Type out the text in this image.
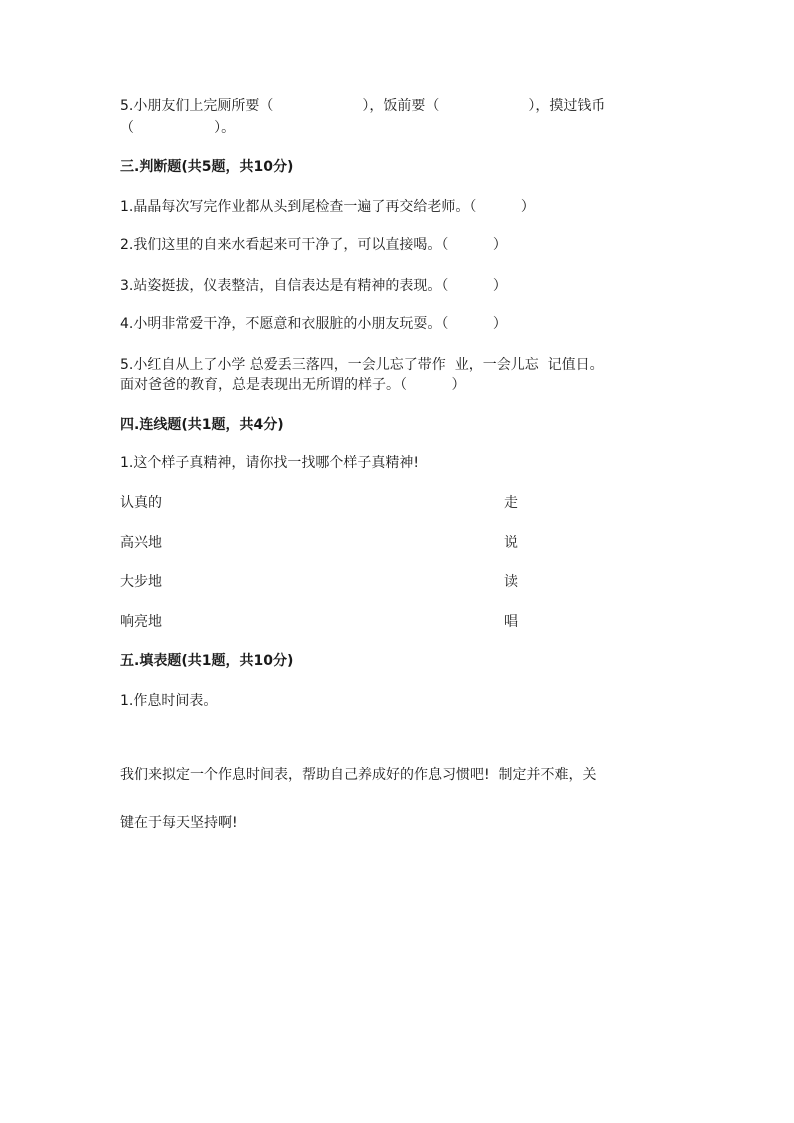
5.小朋友们上完厕所要（                    ），饭前要（                    ），摸过钱币
（                  ）。
三.判断题(共5题，共10分)
1.晶晶每次写完作业都从头到尾检查一遍了再交给老师。（          ）
2.我们这里的自来水看起来可干净了，可以直接喝。（          ）
3.站姿挺拔，仪表整洁，自信表达是有精神的表现。（          ）
4.小明非常爱干净，不愿意和衣服脏的小朋友玩耍。（          ）
5.小红自从上了小学 总爱丢三落四，一会儿忘了带作  业，一会儿忘  记值日。
面对爸爸的教育，总是表现出无所谓的样子。（          ）
四.连线题(共1题，共4分)
1.这个样子真精神，请你找一找哪个样子真精神!
认真的	走
高兴地	说
大步地	读
响亮地	唱
五.填表题(共1题，共10分)
1.作息时间表。
我们来拟定一个作息时间表，帮助自己养成好的作息习惯吧!  制定并不难，关
键在于每天坚持啊!
